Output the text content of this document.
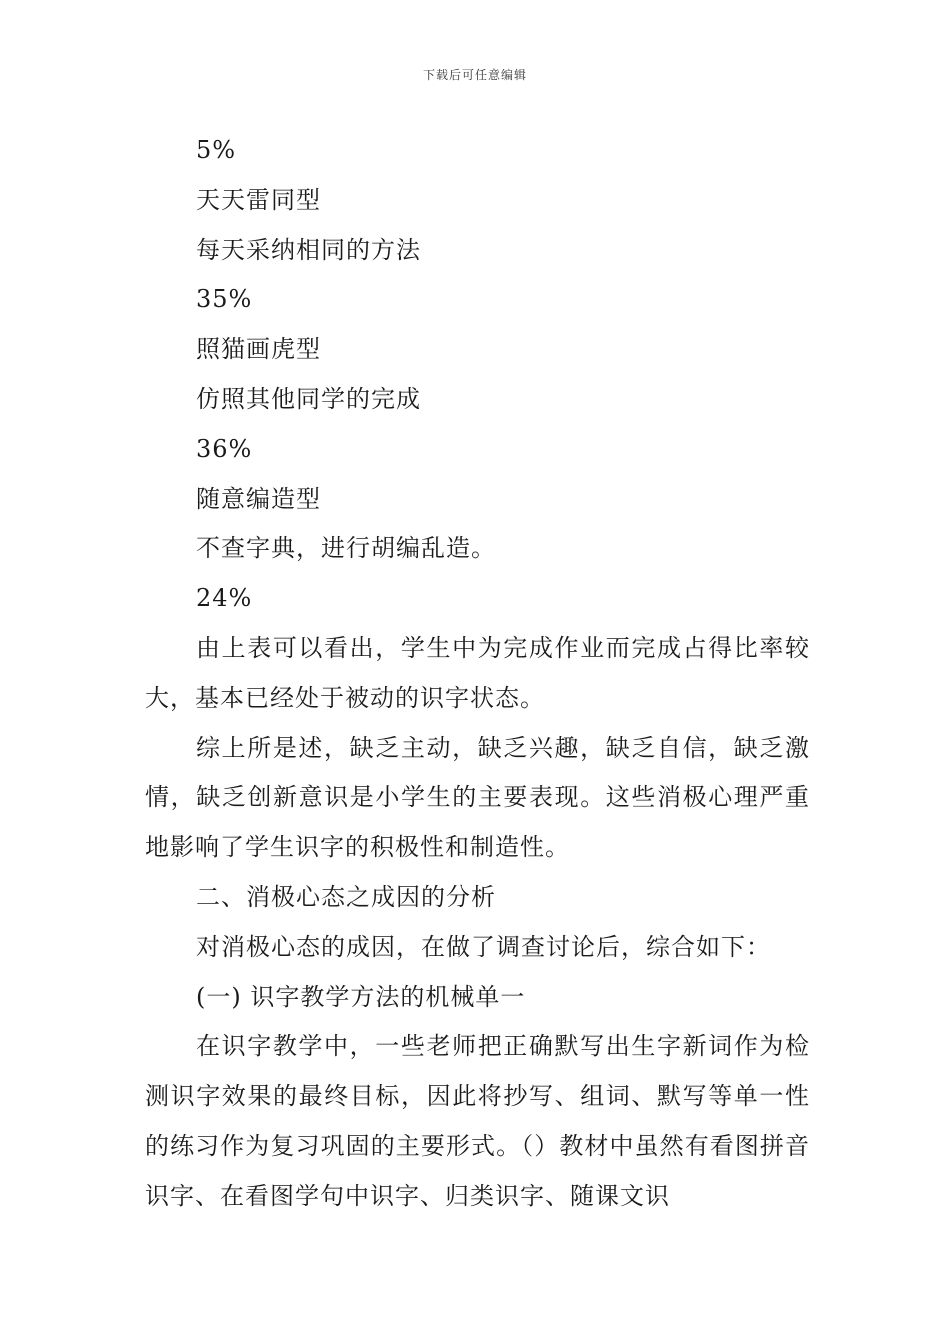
下载后可任意编辑
5%
天天雷同型
每天采纳相同的方法
35%
照猫画虎型
仿照其他同学的完成
36%
随意编造型
不查字典，进行胡编乱造。
24%

由上表可以看出，学生中为完成作业而完成占得比率较大，基本已经处于被动的识字状态。

综上所是述，缺乏主动，缺乏兴趣，缺乏自信，缺乏激情，缺乏创新意识是小学生的主要表现。这些消极心理严重地影响了学生识字的积极性和制造性。

二、消极心态之成因的分析

对消极心态的成因，在做了调查讨论后，综合如下：

(一) 识字教学方法的机械单一

在识字教学中，一些老师把正确默写出生字新词作为检测识字效果的最终目标，因此将抄写、组词、默写等单一性的练习作为复习巩固的主要形式。（）教材中虽然有看图拼音识字、在看图学句中识字、归类识字、随课文识
